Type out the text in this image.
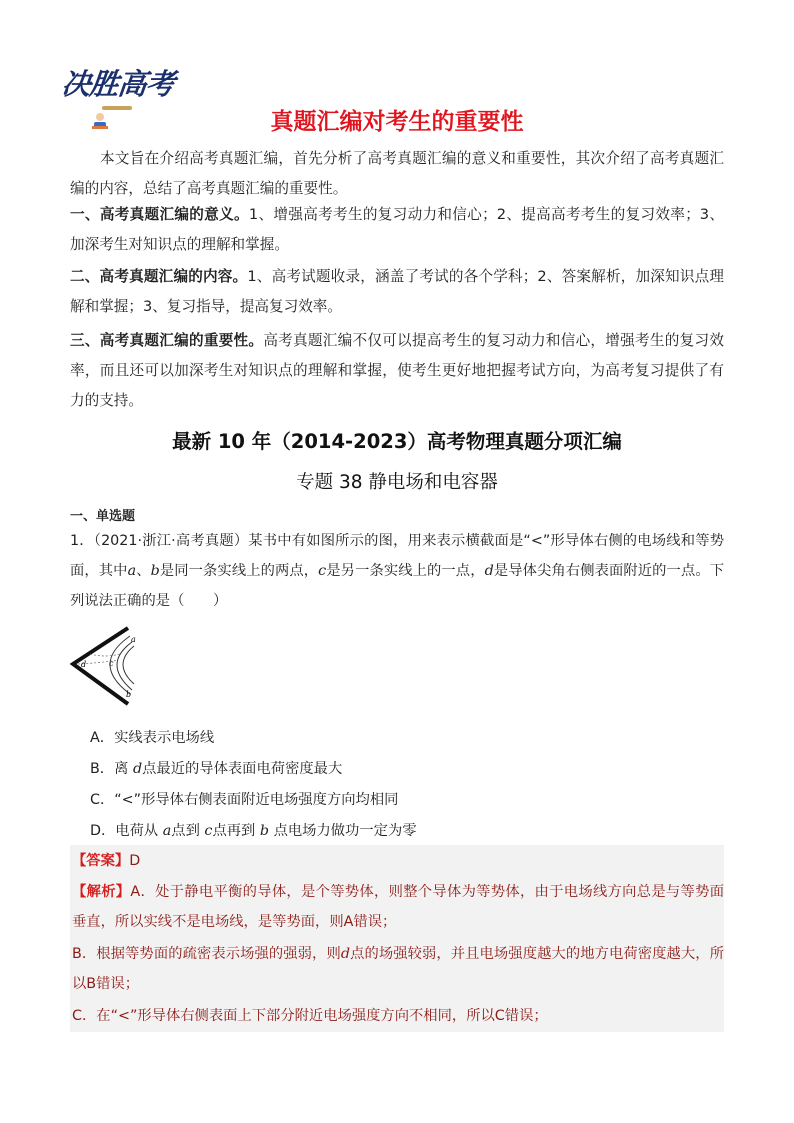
决胜高考
真题汇编对考生的重要性

本文旨在介绍高考真题汇编，首先分析了高考真题汇编的意义和重要性，其次介绍了高考真题汇编的内容，总结了高考真题汇编的重要性。

一、高考真题汇编的意义。1、增强高考考生的复习动力和信心；2、提高高考考生的复习效率；3、加深考生对知识点的理解和掌握。

二、高考真题汇编的内容。1、高考试题收录，涵盖了考试的各个学科；2、答案解析，加深知识点理解和掌握；3、复习指导，提高复习效率。

三、高考真题汇编的重要性。高考真题汇编不仅可以提高考生的复习动力和信心，增强考生的复习效率，而且还可以加深考生对知识点的理解和掌握，使考生更好地把握考试方向，为高考复习提供了有力的支持。

最新 10 年（2014-2023）高考物理真题分项汇编
专题 38 静电场和电容器
一、单选题

1．（2021·浙江·高考真题）某书中有如图所示的图，用来表示横截面是“<”形导体右侧的电场线和等势面，其中a、b是同一条实线上的两点，c是另一条实线上的一点，d是导体尖角右侧表面附近的一点。下列说法正确的是（　　）

d
a
b
c
A．实线表示电场线
B．离 d点最近的导体表面电荷密度最大
C．“<”形导体右侧表面附近电场强度方向均相同
D．电荷从 a点到 c点再到 b 点电场力做功一定为零

【答案】D

【解析】A．处于静电平衡的导体，是个等势体，则整个导体为等势体，由于电场线方向总是与等势面垂直，所以实线不是电场线，是等势面，则A错误；

B．根据等势面的疏密表示场强的强弱，则d点的场强较弱，并且电场强度越大的地方电荷密度越大，所以B错误；

C．在“<”形导体右侧表面上下部分附近电场强度方向不相同，所以C错误；
